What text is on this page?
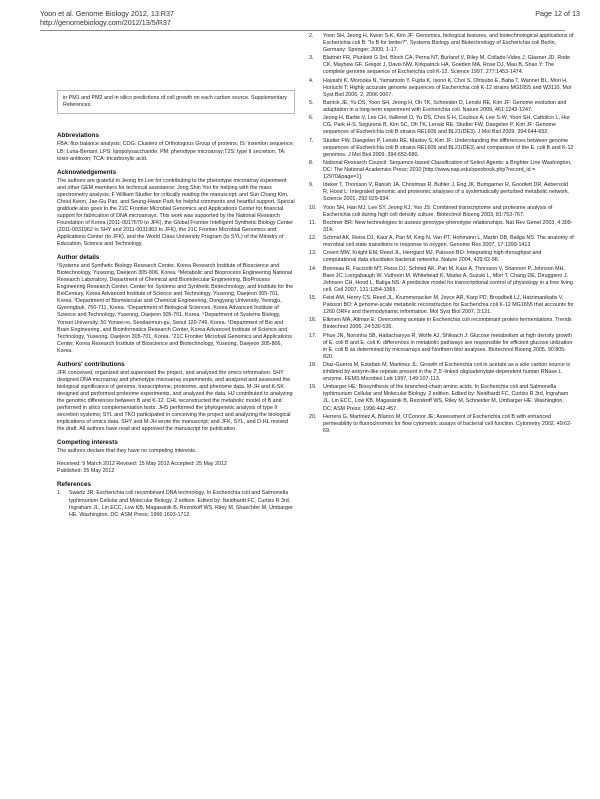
Yoon et al. Genome Biology 2012, 13:R37
http://genomebiology.com/2012/13/5/R37
Page 12 of 13
in PM1 and PM2 and in silico predictions of cell growth on each carbon source. Supplementary References.
Abbreviations

FBA: flux balance analysis; COG: Clusters of Orthologous Group of proteins; IS: insertion sequence; LB: Luria-Bertani; LPS: lipopolysaccharide; PM: phenotype microarray;T2S: type II secretion; TA: toxin-antitoxin; TCA: tricarboxylic acid.

Acknowledgements

The authors are grateful to Jeong Im Lee for contributing to the phenotype microarray experiment and other GEM members for technical assistance; Jong Shin Yoo for helping with the mass spectrometry analysis; F William Studier for critically reading the manuscript; and Sun Chang Kim, Choul Kwon, Jae-Gu Pan, and Seung-Hwan Park for helpful comments and heartful support. Special gratitude also goes to the 21C Frontier Microbial Genomics and Applications Center for financial support for fabrication of DNA microarrays. This work was supported by the National Research Foundation of Korea (2011-0017670 to JFK), the Global Frontier Intelligent Synthetic Biology Center (2011-0031962 to SHY and 2011-0031963 to JFK), the 21C Frontier Microbial Genomics and Applications Center (to JFK), and the World Class University Program (to SYL) of the Ministry of Education, Science and Technology.

Author details

¹Systems and Synthetic Biology Research Center, Korea Research Institute of Bioscience and Biotechnology, Yuseong, Daejeon 305-806, Korea. ²Metabolic and Bioprocess Engineering National Research Laboratory, Department of Chemical and Biomolecular Engineering, BioProcess Engineering Research Center, Center for Systems and Synthetic Biotechnology, and Institute for the BioCentury, Korea Advanced Institute of Science and Technology, Yuseong, Daejeon 305-701, Korea. ³Department of Biomolecular and Chemical Engineering, Dongyang University, Yeongju, Gyeongbuk, 750-711, Korea. ⁴Department of Biological Sciences, Korea Advanced Institute of Science and Technology, Yuseong, Daejeon 305-701, Korea. ⁵Department of Systems Biology, Yonsei University, 50 Yonsei-ro, Seodaemun-gu, Seoul 120-749, Korea. ⁶Department of Bio and Brain Engineering, and Bioinformatics Research Center, Korea Advanced Institute of Science and Technology, Yuseong, Daejeon 305-701, Korea. ⁷21C Frontier Microbial Genomics and Applications Center, Korea Research Institute of Bioscience and Biotechnology, Yuseong, Daejeon 305-806, Korea.

Authors' contributions

JFK conceived, organized and supervised the project, and analyzed the omics information. SHY designed DNA microarray and phenotype microarray experiments, and analyzed and assessed the biological significance of genome, transcriptome, proteome, and phenome data. M-JH and K-SK designed and performed proteome experiments, and analyzed the data. HJ contributed to analyzing the genomic differences between B and K-12. CHL reconstructed the metabolic model of B and performed in silico complementation tests; JHS performed the phylogenetic analysis of type II secretion systems; SYL and TKO participated in conceiving the project and analyzing the biological implications of omics data. SHY and M-JH wrote the manuscript; and JFK, SYL, and D-HL revised the draft. All authors have read and approved the manuscript for publication.

Competing interests

The authors declare that they have no competing interests.

Received: 9 March 2012 Revised: 15 May 2012 Accepted: 25 May 2012
Published: 25 May 2012
References
1. Swartz JR: Escherichia coli recombinant DNA technology. In Escherichia coli and Salmonella typhimurium Cellular and Molecular Biology. 2 edition. Edited by: Neidhardt FC, Curtiss R 3rd, Ingraham JL, Lin ECC, Low KB, Magasanik B, Reznikoff WS, Riley M, Shaechter M, Umbarger HE. Washington, DC: ASM Press; 1996:1693-1712.
2. Yoon SH, Jeong H, Kwon S-K, Kim JF: Genomics, biological features, and biotechnological applications of Escherichia coli B: "Is B for better?". Systems Biology and Biotechnology of Escherichia coli Berlin, Germany: Springer; 2009, 1-17.
3. Blattner FR, Plunkett G 3rd, Bloch CA, Perna NT, Burland V, Riley M, Collado-Vides J, Glasner JD, Rode CK, Mayhew GF, Gregor J, Davis NW, Kirkpatrick HA, Goeden MA, Rose DJ, Mau B, Shao Y: The complete genome sequence of Escherichia coli K-12. Science 1997, 277:1453-1474.
4. Hayashi K, Morooka N, Yamamoto Y, Fujita K, Isono K, Choi S, Ohtsubo E, Baba T, Wanner BL, Mori H, Horiuchi T: Highly accurate genome sequences of Escherichia coli K-12 strains MG1655 and W3110. Mol Syst Biol 2006, 2, 2006 0007.
5. Barrick JE, Yu DS, Yoon SH, Jeong H, Oh TK, Schneider D, Lenski RE, Kim JF: Genome evolution and adaptation in a long-term experiment with Escherichia coli. Nature 2009, 461:1243-1247.
6. Jeong H, Barbe V, Lee CH, Vallenet D, Yu DS, Choi S-H, Couloux A, Lee S-W, Yoon SH, Cattolico L, Hur CG, Park H-S, Segurens B, Kim SC, Oh TK, Lenski RE, Studier FW, Daegelen P, Kim JF: Genome sequences of Escherichia coli B strains REL606 and BL21(DE3). J Mol Biol 2009, 394:644-652.
7. Studier FW, Daegelen P, Lenski RE, Maslov S, Kim JF: Understanding the differences between genome sequences of Escherichia coli B strains REL606 and BL21(DE3) and comparison of the E. coli B and K-12 genomes. J Mol Biol 2009, 394:653-680.
8. National Research Council: Sequence-based Classification of Select Agents: a Brighter Line Washington, DC: The National Academies Press; 2010 [http://www.nap.edu/openbook.php?record_id = 12970&page=1].
9. Ideker T, Thorsson V, Ranish JA, Christmas R, Buhler J, Eng JK, Bumgarner R, Goodlett DR, Aebersold R, Hood L: Integrated genomic and proteomic analyses of a systematically perturbed metabolic network. Science 2001, 292:929-934.
10. Yoon SH, Han MJ, Lee SY, Jeong KJ, Yoo JS: Combined transcriptome and proteome analysis of Escherichia coli during high cell density culture. Biotechnol Bioeng 2003, 81:753-767.
11. Bochner BR: New technologies to assess genotype-phenotype relationships. Nat Rev Genet 2003, 4:309-314.
12. Schmid AK, Reiss DJ, Kaur A, Pan M, King N, Van PT, Hohmann L, Martin DB, Baliga NS: The anatomy of microbial cell state transitions in response to oxygen. Genome Res 2007, 17:1399-1413.
13. Covert MW, Knight EM, Reed JL, Herrgard MJ, Palsson BO: Integrating high-throughput and computational data elucidates bacterial networks. Nature 2004, 429:92-96.
14. Bonneau R, Facciotti MT, Reiss DJ, Schmid AK, Pan M, Kaur A, Thorsson V, Shannon P, Johnson MH, Bare JC, Longabaugh W, Vuthoori M, Whitehead K, Madar A, Suzuki L, Mori T, Chang DE, Diruggiero J, Johnson CH, Hood L, Baliga NS: A predictive model for transcriptional control of physiology in a free living cell. Cell 2007, 131:1354-1365.
15. Feist AM, Henry CS, Reed JL, Krummenacker M, Joyce AR, Karp PD, Broadbelt LJ, Hatzimanikatis V, Palsson BO: A genome-scale metabolic reconstruction for Escherichia coli K-12 MG1655 that accounts for 1260 ORFs and thermodynamic information. Mol Syst Biol 2007, 3:121.
16. Elkmen MA, Altman E: Overcoming acetate in Escherichia coli recombinant protein fermentations. Trends Biotechnol 2006, 24:530-536.
17. Phue JN, Noronha SB, Hattacharyya R, Wolfe AJ, Shiloach J: Glucose metabolism at high density growth of E. coli B and E. coli K: differences in metabolic pathways are responsible for efficient glucose utilization in E. coli B as determined by microarrays and Northern blot analyses. Biotechnol Bioeng 2005, 90:805-820.
18. Diaz-Guerra M, Esteban M, Martinez JL: Growth of Escherichia coli in acetate as a sole carbon source is inhibited by ankyrin-like repeats present in the 2',5'-linked oligoadenylate-dependent human RNase L enzyme. FEMS Microbiol Lett 1997, 149:107-113.
19. Umbarger HE: Biosynthesis of the branched-chain amino acids. In Escherichia coli and Salmonella typhimurium Cellular and Molecular Biology. 2 edition. Edited by: Neidhardt FC, Curtiss R 3rd, Ingraham JL, Lin ECC, Low KB, Magasanik B, Reznikoff WS, Riley M, Schneider M, Umbarger HE. Washington, DC: ASM Press; 1996:442-457.
20. Herrera G, Martinez A, Blanco M, O'Connor JE: Assessment of Escherichia coli B with enhanced permeability to fluorochromes for flow cytometric assays of bacterial cell function. Cytometry 2002, 49:62-69.
